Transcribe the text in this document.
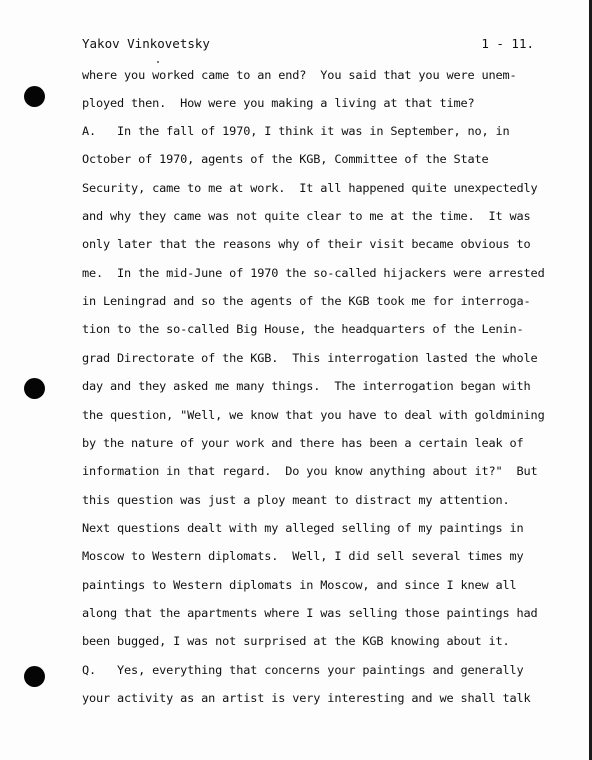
Yakov Vinkovetsky	1 - 11.
where you worked came to an end?  You said that you were unem-
ployed then.  How were you making a living at that time?
A.   In the fall of 1970, I think it was in September, no, in
October of 1970, agents of the KGB, Committee of the State
Security, came to me at work.  It all happened quite unexpectedly
and why they came was not quite clear to me at the time.  It was
only later that the reasons why of their visit became obvious to
me.  In the mid-June of 1970 the so-called hijackers were arrested
in Leningrad and so the agents of the KGB took me for interroga-
tion to the so-called Big House, the headquarters of the Lenin-
grad Directorate of the KGB.  This interrogation lasted the whole
day and they asked me many things.  The interrogation began with
the question, "Well, we know that you have to deal with goldmining
by the nature of your work and there has been a certain leak of
information in that regard.  Do you know anything about it?"  But
this question was just a ploy meant to distract my attention.
Next questions dealt with my alleged selling of my paintings in
Moscow to Western diplomats.  Well, I did sell several times my
paintings to Western diplomats in Moscow, and since I knew all
along that the apartments where I was selling those paintings had
been bugged, I was not surprised at the KGB knowing about it.
Q.   Yes, everything that concerns your paintings and generally
your activity as an artist is very interesting and we shall talk
